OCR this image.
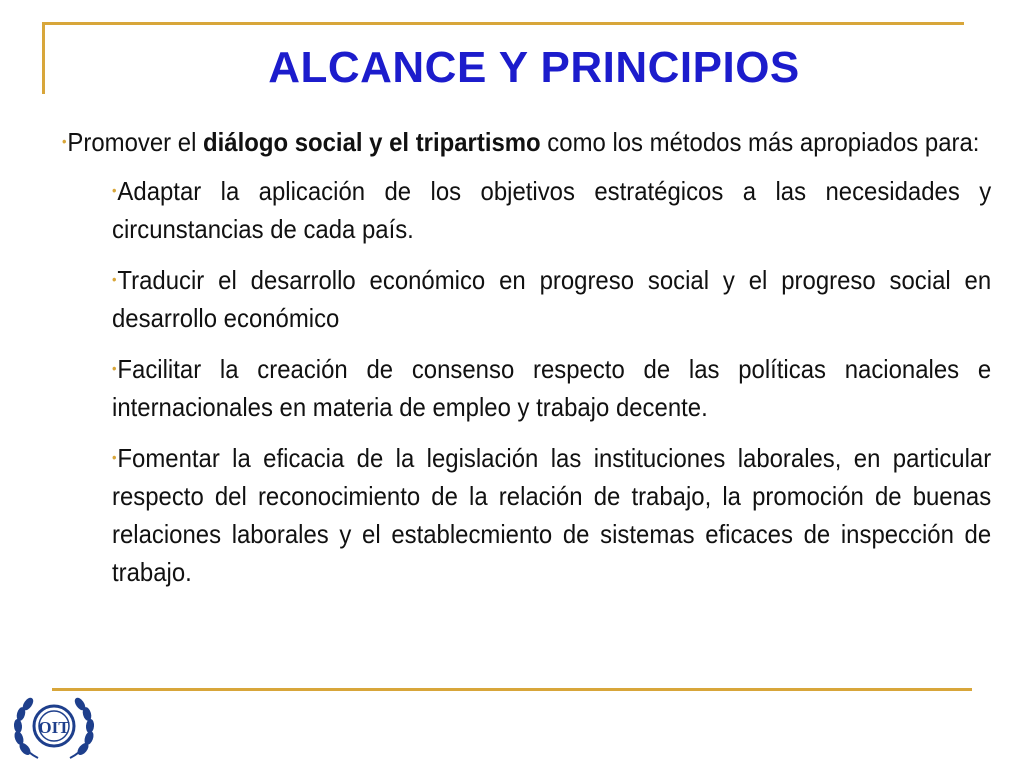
ALCANCE Y PRINCIPIOS

•Promover el diálogo social y el tripartismo como los métodos más apropiados para:

•Adaptar la aplicación de los objetivos estratégicos a las necesidades y circunstancias de cada país.

•Traducir el desarrollo económico en progreso social y el progreso social en desarrollo económico

•Facilitar la creación de consenso respecto de las políticas nacionales e internacionales en materia de empleo y trabajo decente.

•Fomentar la eficacia de la legislación las instituciones laborales, en particular respecto del reconocimiento de la relación de trabajo, la promoción de buenas relaciones laborales y el establecmiento de sistemas eficaces de inspección de trabajo.

OIT
